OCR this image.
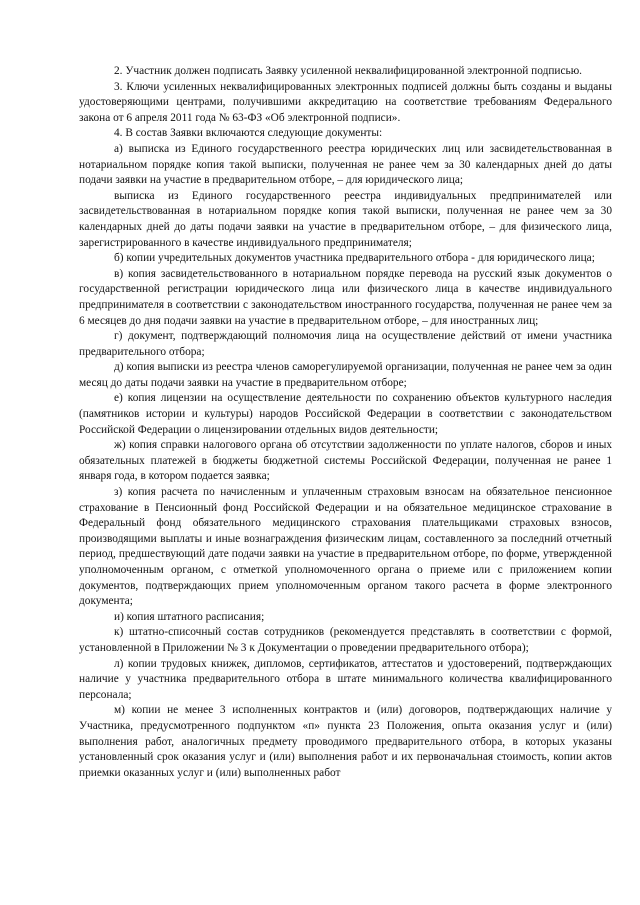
2. Участник должен подписать Заявку усиленной неквалифицированной электронной подписью.

3. Ключи усиленных неквалифицированных электронных подписей должны быть созданы и выданы удостоверяющими центрами, получившими аккредитацию на соответствие требованиям Федерального закона от 6 апреля 2011 года № 63-ФЗ «Об электронной подписи».

4. В состав Заявки включаются следующие документы:

а) выписка из Единого государственного реестра юридических лиц или засвидетельствованная в нотариальном порядке копия такой выписки, полученная не ранее чем за 30 календарных дней до даты подачи заявки на участие в предварительном отборе, – для юридического лица;

выписка из Единого государственного реестра индивидуальных предпринимателей или засвидетельствованная в нотариальном порядке копия такой выписки, полученная не ранее чем за 30 календарных дней до даты подачи заявки на участие в предварительном отборе, – для физического лица, зарегистрированного в качестве индивидуального предпринимателя;

б) копии учредительных документов участника предварительного отбора - для юридического лица;

в) копия засвидетельствованного в нотариальном порядке перевода на русский язык документов о государственной регистрации юридического лица или физического лица в качестве индивидуального предпринимателя в соответствии с законодательством иностранного государства, полученная не ранее чем за 6 месяцев до дня подачи заявки на участие в предварительном отборе, – для иностранных лиц;

г) документ, подтверждающий полномочия лица на осуществление действий от имени участника предварительного отбора;

д) копия выписки из реестра членов саморегулируемой организации, полученная не ранее чем за один месяц до даты подачи заявки на участие в предварительном отборе;

е) копия лицензии на осуществление деятельности по сохранению объектов культурного наследия (памятников истории и культуры) народов Российской Федерации в соответствии с законодательством Российской Федерации о лицензировании отдельных видов деятельности;

ж) копия справки налогового органа об отсутствии задолженности по уплате налогов, сборов и иных обязательных платежей в бюджеты бюджетной системы Российской Федерации, полученная не ранее 1 января года, в котором подается заявка;

з) копия расчета по начисленным и уплаченным страховым взносам на обязательное пенсионное страхование в Пенсионный фонд Российской Федерации и на обязательное медицинское страхование в Федеральный фонд обязательного медицинского страхования плательщиками страховых взносов, производящими выплаты и иные вознаграждения физическим лицам, составленного за последний отчетный период, предшествующий дате подачи заявки на участие в предварительном отборе, по форме, утвержденной уполномоченным органом, с отметкой уполномоченного органа о приеме или с приложением копии документов, подтверждающих прием уполномоченным органом такого расчета в форме электронного документа;

и) копия штатного расписания;

к) штатно-списочный состав сотрудников (рекомендуется представлять в соответствии с формой, установленной в Приложении № 3 к Документации о проведении предварительного отбора);

л) копии трудовых книжек, дипломов, сертификатов, аттестатов и удостоверений, подтверждающих наличие у участника предварительного отбора в штате минимального количества квалифицированного персонала;

м) копии не менее 3 исполненных контрактов и (или) договоров, подтверждающих наличие у Участника, предусмотренного подпунктом «п» пункта 23 Положения, опыта оказания услуг и (или) выполнения работ, аналогичных предмету проводимого предварительного отбора, в которых указаны установленный срок оказания услуг и (или) выполнения работ и их первоначальная стоимость, копии актов приемки оказанных услуг и (или) выполненных работ
